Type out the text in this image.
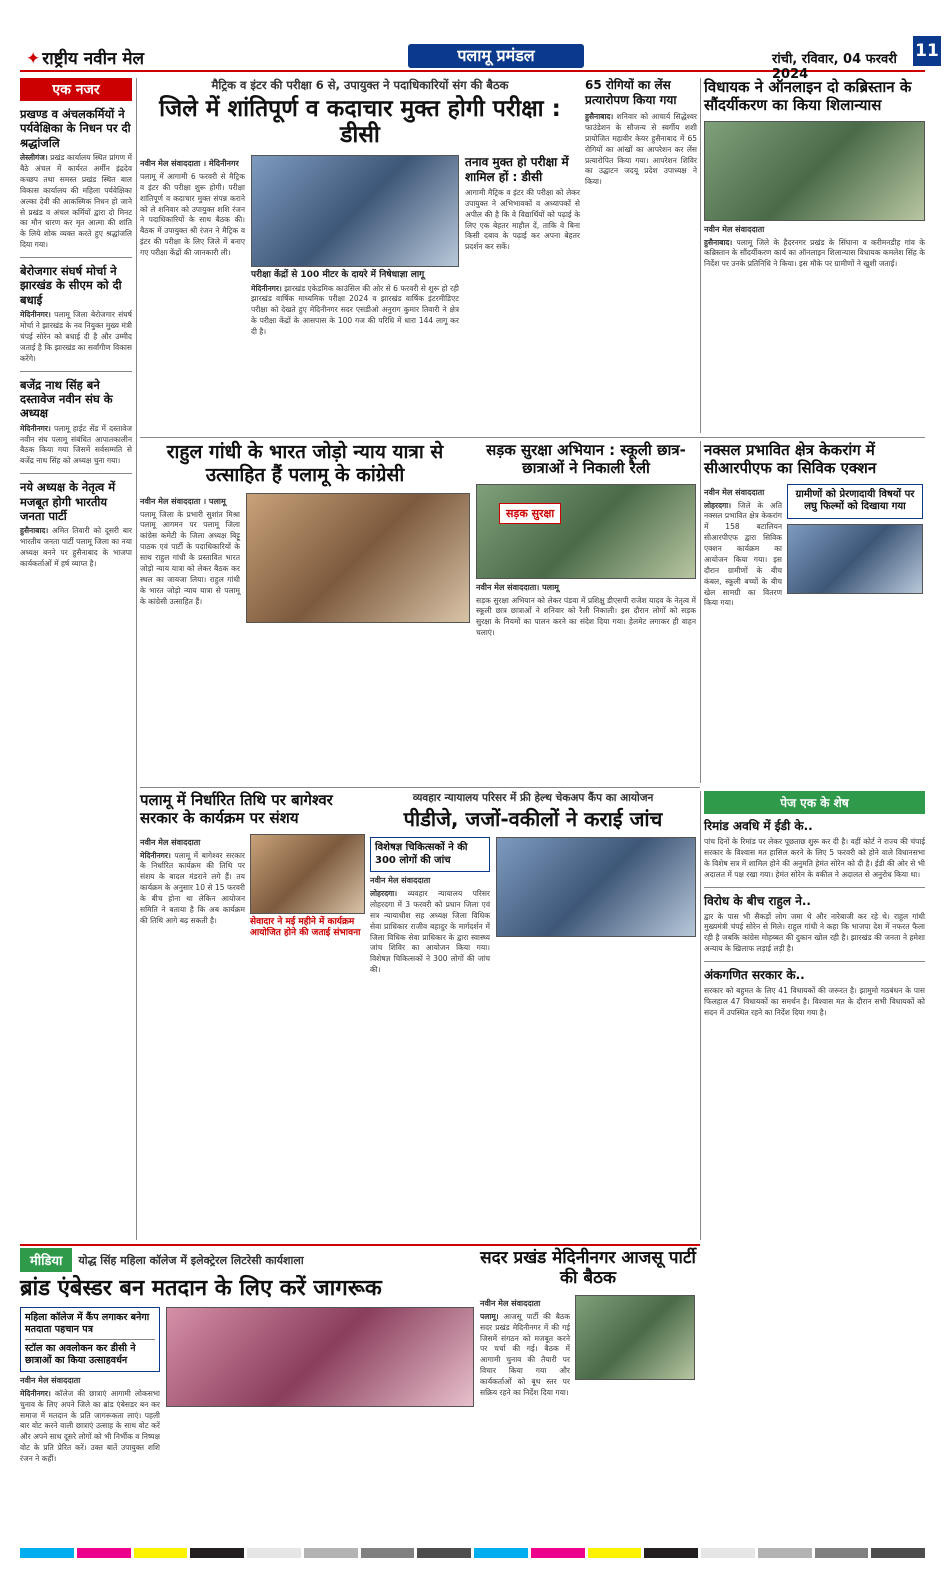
✦ राष्ट्रीय नवीन मेल	पलामू प्रमंडल	रांची, रविवार, 04 फरवरी 2024
11
एक नजर
प्रखण्ड व अंचलकर्मियों ने पर्यवेक्षिका के निधन पर दी श्रद्धांजलि
लेस्लीगंज। प्रखंड कार्यालय स्थित प्रांगण में बैठे अंचल में कार्यरत अर्मीन इंद्रदेव कच्छप तथा समस्त प्रखंड स्थित बाल विकास कार्यालय की महिला पर्यवेक्षिका अल्का देवी की आकस्मिक निधन हो जाने से प्रखंड व अंचल कर्मियों द्वारा दो मिनट का मौन धारण कर मृत आत्मा की शांति के लिये शोक व्यक्त करते हुए श्रद्धांजलि दिया गया।
बेरोजगार संघर्ष मोर्चा ने झारखंड के सीएम को दी बधाई
मेदिनीनगर। पलामू जिला बेरोजगार संघर्ष मोर्चा ने झारखंड के नव नियुक्त मुख्य मंत्री चंपई सोरेन को बधाई दी है और उम्मीद जताई है कि झारखंड का सर्वांगीण विकास करेंगे।
बजेंद्र नाथ सिंह बने दस्तावेज नवीन संघ के अध्यक्ष
मेदिनीनगर। पलामू हाईट सेंड में दस्तावेज नवीन संघ पलामू संबंधित आपातकालीन बैठक किया गया जिसमें सर्वसम्मति से बजेंद्र नाथ सिंह को अध्यक्ष चुना गया।
नये अध्यक्ष के नेतृत्व में मजबूत होगी भारतीय जनता पार्टी
हुसैनाबाद। अमित तिवारी को दूसरी बार भारतीय जनता पार्टी पलामू जिला का नया अध्यक्ष बनने पर हुसैनाबाद के भाजपा कार्यकर्ताओं में हर्ष व्याप्त है।
मैट्रिक व इंटर की परीक्षा 6 से, उपायुक्त ने पदाधिकारियों संग की बैठक
जिले में शांतिपूर्ण व कदाचार मुक्त होगी परीक्षा : डीसी
नवीन मेल संवाददाता । मेदिनीनगर
पलामू में आगामी 6 फरवरी से मैट्रिक व इंटर की परीक्षा शुरू होगी। परीक्षा शांतिपूर्ण व कदाचार मुक्त संपन्न कराने को ले शनिवार को उपायुक्त शशि रंजन ने पदाधिकारियों के साथ बैठक की। बैठक में उपायुक्त श्री रंजन ने मैट्रिक व इंटर की परीक्षा के लिए जिले में बनाए गए परीक्षा केंद्रों की जानकारी ली।
परीक्षा केंद्रों से 100 मीटर के दायरे में निषेधाज्ञा लागू
मेदिनीनगर। झारखंड एकेडमिक काउंसिल की ओर से 6 फरवरी से शुरू हो रही झारखंड वार्षिक माध्यमिक परीक्षा 2024 व झारखंड वार्षिक इंटरमीडिएट परीक्षा को देखते हुए मेदिनीनगर सदर एसडीओ अनुराग कुमार तिवारी ने क्षेत्र के परीक्षा केंद्रों के आसपास के 100 गज की परिधि में धारा 144 लागू कर दी है।
तनाव मुक्त हो परीक्षा में शामिल हों : डीसी
आगामी मैट्रिक व इंटर की परीक्षा को लेकर उपायुक्त ने अभिभावकों व अध्यापकों से अपील की है कि वे विद्यार्थियों को पढ़ाई के लिए एक बेहतर माहौल दें, ताकि वे बिना किसी दबाव के पढ़ाई कर अपना बेहतर प्रदर्शन कर सकें।
65 रोगियों का लेंस प्रत्यारोपण किया गया
हुसैनाबाद। शनिवार को आचार्य सिद्धेश्वर फाउंडेशन के सौजन्य से स्वर्गीय शशी प्रायोजित महावीर केयर हुसैनाबाद में 65 रोगियों का आंखों का आपरेशन कर लेंस प्रत्यारोपित किया गया। आपरेशन शिविर का उद्घाटन जदयू प्रदेश उपाध्यक्ष ने किया।
विधायक ने ऑनलाइन दो कब्रिस्तान के सौंदर्यीकरण का किया शिलान्यास
नवीन मेल संवाददाता
हुसैनाबाद। पलामू जिले के हैदरनगर प्रखंड के सिंघाना व करीमनडीह गांव के कब्रिस्तान के सौंदर्यीकरण कार्य का ऑनलाइन शिलान्यास विधायक कमलेश सिंह के निर्देश पर उनके प्रतिनिधि ने किया। इस मौके पर ग्रामीणों ने खुशी जताई।
राहुल गांधी के भारत जोड़ो न्याय यात्रा से उत्साहित हैं पलामू के कांग्रेसी
नवीन मेल संवाददाता । पलामू
पलामू जिला के प्रभारी सुशांत मिश्रा पलामू आगमन पर पलामू जिला कांग्रेस कमेटी के जिला अध्यक्ष बिट्टू पाठक एवं पार्टी के पदाधिकारियों के साथ राहुल गांधी के प्रस्तावित भारत जोड़ो न्याय यात्रा को लेकर बैठक कर स्थल का जायजा लिया। राहुल गांधी के भारत जोड़ो न्याय यात्रा से पलामू के कांग्रेसी उत्साहित हैं।
सड़क सुरक्षा अभियान : स्कूली छात्र-छात्राओं ने निकाली रैली
सड़क सुरक्षा
नवीन मेल संवाददाता। पलामू
सड़क सुरक्षा अभियान को लेकर पंडवा में प्रशिक्षु डीएसपी राजेश यादव के नेतृत्व में स्कूली छात्र छात्राओं ने शनिवार को रैली निकाली। इस दौरान लोगों को सड़क सुरक्षा के नियमों का पालन करने का संदेश दिया गया। हेलमेट लगाकर ही वाहन चलाएं।
नक्सल प्रभावित क्षेत्र केकरांग में सीआरपीएफ का सिविक एक्शन
नवीन मेल संवाददाता
लोहरदगा। जिले के अति नक्सल प्रभावित क्षेत्र केकरांग में 158 बटालियन सीआरपीएफ द्वारा सिविक एक्शन कार्यक्रम का आयोजन किया गया। इस दौरान ग्रामीणों के बीच कंबल, स्कूली बच्चों के बीच खेल सामग्री का वितरण किया गया।
ग्रामीणों को प्रेरणादायी विषयों पर लघु फिल्मों को दिखाया गया
पलामू में निर्धारित तिथि पर बागेश्वर सरकार के कार्यक्रम पर संशय
नवीन मेल संवाददाता
मेदिनीनगर। पलामू में बागेश्वर सरकार के निर्धारित कार्यक्रम की तिथि पर संशय के बादल मंडराने लगे हैं। तय कार्यक्रम के अनुसार 10 से 15 फरवरी के बीच होना था लेकिन आयोजन समिति ने बताया है कि अब कार्यक्रम की तिथि आगे बढ़ सकती है।	सेवादार ने मई महीने में कार्यक्रम आयोजित होने की जताई संभावना
व्यवहार न्यायालय परिसर में फ्री हेल्थ चेकअप कैंप का आयोजन
पीडीजे, जजों-वकीलों ने कराई जांच
विशेषज्ञ चिकित्सकों ने की 300 लोगों की जांच
नवीन मेल संवाददाता
लोहरदगा। व्यवहार न्यायालय परिसर लोहरदगा में 3 फरवरी को प्रधान जिला एवं सत्र न्यायाधीश सह अध्यक्ष जिला विधिक सेवा प्राधिकार राजीव बहादुर के मार्गदर्शन में जिला विधिक सेवा प्राधिकार के द्वारा स्वास्थ्य जांच शिविर का आयोजन किया गया। विशेषज्ञ चिकित्सकों ने 300 लोगों की जांच की।
पेज एक के शेष
रिमांड अवधि में ईडी के..
पांच दिनों के रिमांड पर लेकर पूछताछ शुरू कर दी है। वहीं कोर्ट ने राज्य की चंपाई सरकार के विश्वास मत हासिल करने के लिए 5 फरवरी को होने वाले विधानसभा के विशेष सत्र में शामिल होने की अनुमति हेमंत सोरेन को दी है। ईडी की ओर से भी अदालत में पक्ष रखा गया। हेमंत सोरेन के वकील ने अदालत से अनुरोध किया था।
विरोध के बीच राहुल ने..
द्वार के पास भी सैकड़ों लोग जमा थे और नारेबाजी कर रहे थे। राहुल गांधी मुख्यमंत्री चंपई सोरेन से मिले। राहुल गांधी ने कहा कि भाजपा देश में नफरत फैला रही है जबकि कांग्रेस मोहब्बत की दुकान खोल रही है। झारखंड की जनता ने हमेशा अन्याय के खिलाफ लड़ाई लड़ी है।
अंकगणित सरकार के..
सरकार को बहुमत के लिए 41 विधायकों की जरूरत है। झामुमो गठबंधन के पास फिलहाल 47 विधायकों का समर्थन है। विश्वास मत के दौरान सभी विधायकों को सदन में उपस्थित रहने का निर्देश दिया गया है।
मीडिया	योद्ध सिंह महिला कॉलेज में इलेक्ट्रेरल लिटरेसी कार्यशाला
ब्रांड एंबेस्डर बन मतदान के लिए करें जागरूक
महिला कॉलेज में कैंप लगाकर बनेगा मतदाता पहचान पत्र
स्टॉल का अवलोकन कर डीसी ने छात्राओं का किया उत्साहवर्धन
नवीन मेल संवाददाता
मेदिनीनगर। कॉलेज की छात्राएं आगामी लोकसभा चुनाव के लिए अपने जिले का ब्रांड एंबेसडर बन कर समाज में मतदान के प्रति जागरूकता लाएं। पहली बार वोट करने वाली छात्राएं उत्साह के साथ वोट करें और अपने साथ दूसरे लोगों को भी निर्भीक व निष्पक्ष वोट के प्रति प्रेरित करें। उक्त बातें उपायुक्त शशि रंजन ने कहीं।
सदर प्रखंड मेदिनीनगर आजसू पार्टी की बैठक
नवीन मेल संवाददाता
पलामू। आजसू पार्टी की बैठक सदर प्रखंड मेदिनीनगर में की गई जिसमें संगठन को मजबूत करने पर चर्चा की गई। बैठक में आगामी चुनाव की तैयारी पर विचार किया गया और कार्यकर्ताओं को बूथ स्तर पर सक्रिय रहने का निर्देश दिया गया।
